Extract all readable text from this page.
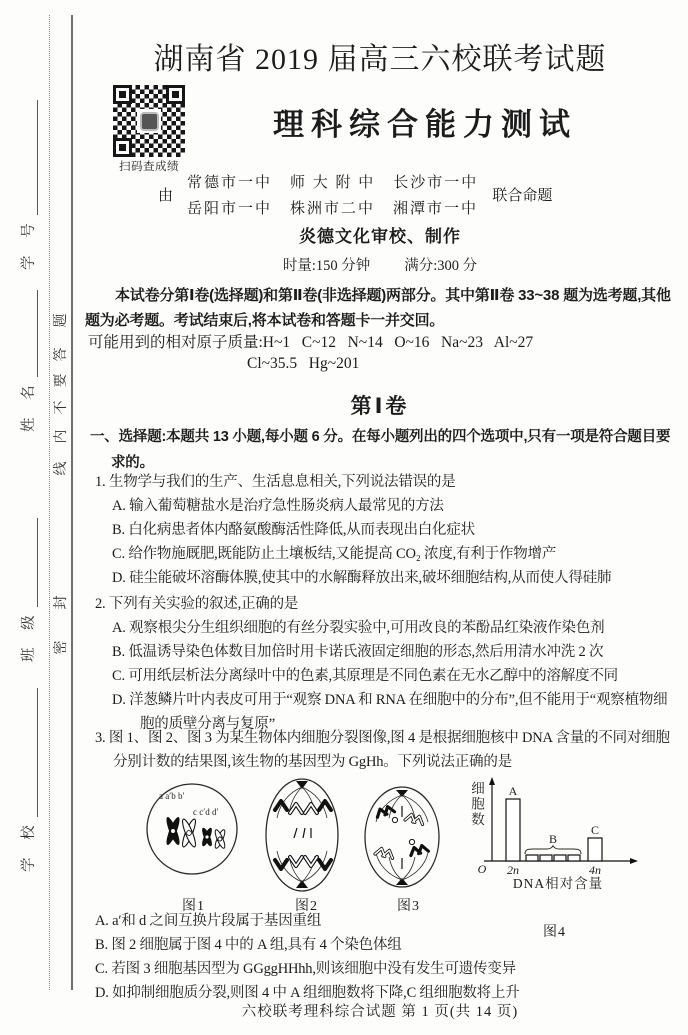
学 号
姓 名
班 级
学 校
题
答
要
不
内
线
封
密
湖南省 2019 届高三六校联考试题
扫码查成绩
理科综合能力测试
由
常德市一中 师 大 附 中 长沙市一中
岳阳市一中 株洲市二中 湘潭市一中
联合命题
炎德文化审校、制作
时量:150 分钟 满分:300 分
本试卷分第Ⅰ卷(选择题)和第Ⅱ卷(非选择题)两部分。其中第Ⅱ卷 33~38 题为选考题,其他题为必考题。考试结束后,将本试卷和答题卡一并交回。
可能用到的相对原子质量:H~1   C~12   N~14   O~16   Na~23   Al~27
Cl~35.5   Hg~201
第Ⅰ卷
一、选择题:本题共 13 小题,每小题 6 分。在每小题列出的四个选项中,只有一项是符合题目要求的。
1. 生物学与我们的生产、生活息息相关,下列说法错误的是
A. 输入葡萄糖盐水是治疗急性肠炎病人最常见的方法
B. 白化病患者体内酪氨酸酶活性降低,从而表现出白化症状
C. 给作物施厩肥,既能防止土壤板结,又能提高 CO₂ 浓度,有利于作物增产
D. 硅尘能破坏溶酶体膜,使其中的水解酶释放出来,破坏细胞结构,从而使人得硅肺
2. 下列有关实验的叙述,正确的是
A. 观察根尖分生组织细胞的有丝分裂实验中,可用改良的苯酚品红染液作染色剂
B. 低温诱导染色体数目加倍时用卡诺氏液固定细胞的形态,然后用清水冲洗 2 次
C. 可用纸层析法分离绿叶中的色素,其原理是不同色素在无水乙醇中的溶解度不同
D. 洋葱鳞片叶内表皮可用于“观察 DNA 和 RNA 在细胞中的分布”,但不能用于“观察植物细胞的质壁分离与复原”
3. 图 1、图 2、图 3 为某生物体内细胞分裂图像,图 4 是根据细胞核中 DNA 含量的不同对细胞分别计数的结果图,该生物的基因型为 GgHh。下列说法正确的是
a a′b b′
c c′d d′
A
B
C
O 2n	4n
DNA相对含量
细胞数
图1	图2	图3
图4
A. a′和 d 之间互换片段属于基因重组
B. 图 2 细胞属于图 4 中的 A 组,具有 4 个染色体组
C. 若图 3 细胞基因型为 GGggHHhh,则该细胞中没有发生可遗传变异
D. 如抑制细胞质分裂,则图 4 中 A 组细胞数将下降,C 组细胞数将上升
六校联考理科综合试题 第 1 页(共 14 页)
